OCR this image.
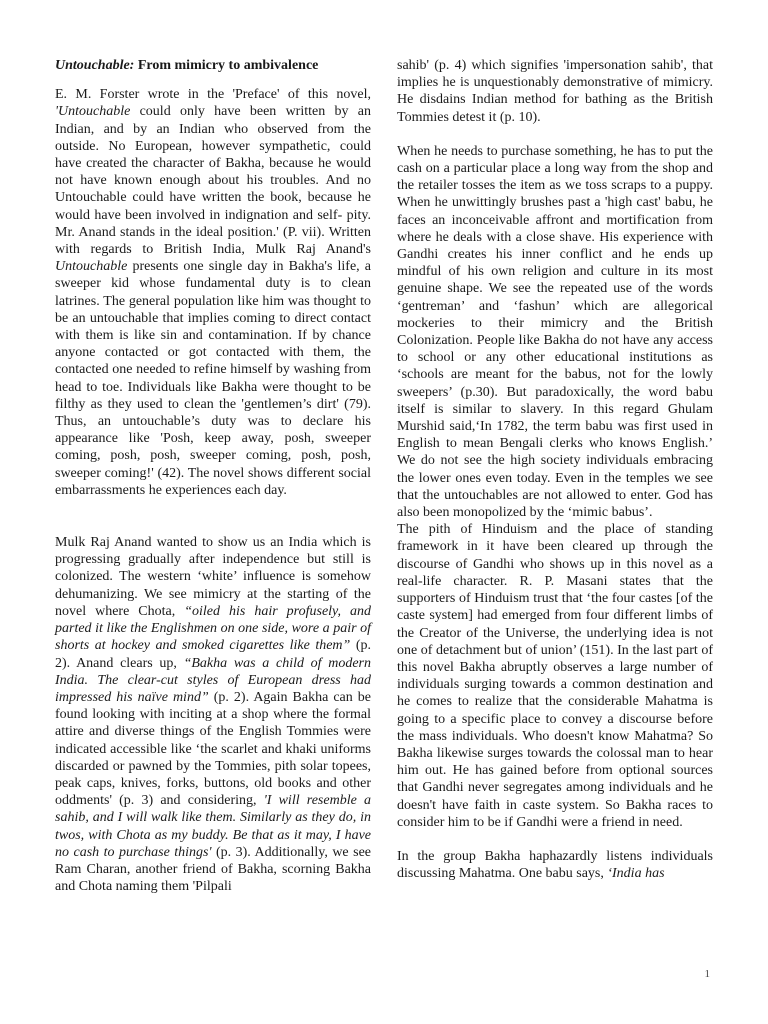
Untouchable: From mimicry to ambivalence

E. M. Forster wrote in the 'Preface' of this novel, 'Untouchable could only have been written by an Indian, and by an Indian who observed from the outside. No European, however sympathetic, could have created the character of Bakha, because he would not have known enough about his troubles. And no Untouchable could have written the book, because he would have been involved in indignation and self- pity. Mr. Anand stands in the ideal position.' (P. vii). Written with regards to British India, Mulk Raj Anand's Untouchable presents one single day in Bakha's life, a sweeper kid whose fundamental duty is to clean latrines. The general population like him was thought to be an untouchable that implies coming to direct contact with them is like sin and contamination. If by chance anyone contacted or got contacted with them, the contacted one needed to refine himself by washing from head to toe. Individuals like Bakha were thought to be filthy as they used to clean the 'gentlemen’s dirt' (79). Thus, an untouchable’s duty was to declare his appearance like 'Posh, keep away, posh, sweeper coming, posh, posh, sweeper coming, posh, posh, sweeper coming!' (42). The novel shows different social embarrassments he experiences each day.

Mulk Raj Anand wanted to show us an India which is progressing gradually after independence but still is colonized. The western ‘white’ influence is somehow dehumanizing. We see mimicry at the starting of the novel where Chota, “oiled his hair profusely, and parted it like the Englishmen on one side, wore a pair of shorts at hockey and smoked cigarettes like them” (p. 2). Anand clears up, “Bakha was a child of modern India. The clear-cut styles of European dress had impressed his naïve mind” (p. 2). Again Bakha can be found looking with inciting at a shop where the formal attire and diverse things of the English Tommies were indicated accessible like ‘the scarlet and khaki uniforms discarded or pawned by the Tommies, pith solar topees, peak caps, knives, forks, buttons, old books and other oddments' (p. 3) and considering, 'I will resemble a sahib, and I will walk like them. Similarly as they do, in twos, with Chota as my buddy. Be that as it may, I have no cash to purchase things' (p. 3). Additionally, we see Ram Charan, another friend of Bakha, scorning Bakha and Chota naming them 'Pilpali

sahib' (p. 4) which signifies 'impersonation sahib', that implies he is unquestionably demonstrative of mimicry. He disdains Indian method for bathing as the British Tommies detest it (p. 10).

When he needs to purchase something, he has to put the cash on a particular place a long way from the shop and the retailer tosses the item as we toss scraps to a puppy. When he unwittingly brushes past a 'high cast' babu, he faces an inconceivable affront and mortification from where he deals with a close shave. His experience with Gandhi creates his inner conflict and he ends up mindful of his own religion and culture in its most genuine shape. We see the repeated use of the words ‘gentreman’ and ‘fashun’ which are allegorical mockeries to their mimicry and the British Colonization. People like Bakha do not have any access to school or any other educational institutions as ‘schools are meant for the babus, not for the lowly sweepers’ (p.30). But paradoxically, the word babu itself is similar to slavery. In this regard Ghulam Murshid said,‘In 1782, the term babu was first used in English to mean Bengali clerks who knows English.’ We do not see the high society individuals embracing the lower ones even today. Even in the temples we see that the untouchables are not allowed to enter. God has also been monopolized by the ‘mimic babus’.

The pith of Hinduism and the place of standing framework in it have been cleared up through the discourse of Gandhi who shows up in this novel as a real-life character. R. P. Masani states that the supporters of Hinduism trust that ‘the four castes [of the caste system] had emerged from four different limbs of the Creator of the Universe, the underlying idea is not one of detachment but of union’ (151). In the last part of this novel Bakha abruptly observes a large number of individuals surging towards a common destination and he comes to realize that the considerable Mahatma is going to a specific place to convey a discourse before the mass individuals. Who doesn't know Mahatma? So Bakha likewise surges towards the colossal man to hear him out. He has gained before from optional sources that Gandhi never segregates among individuals and he doesn't have faith in caste system. So Bakha races to consider him to be if Gandhi were a friend in need.

In the group Bakha haphazardly listens individuals discussing Mahatma. One babu says, ‘India has

1
